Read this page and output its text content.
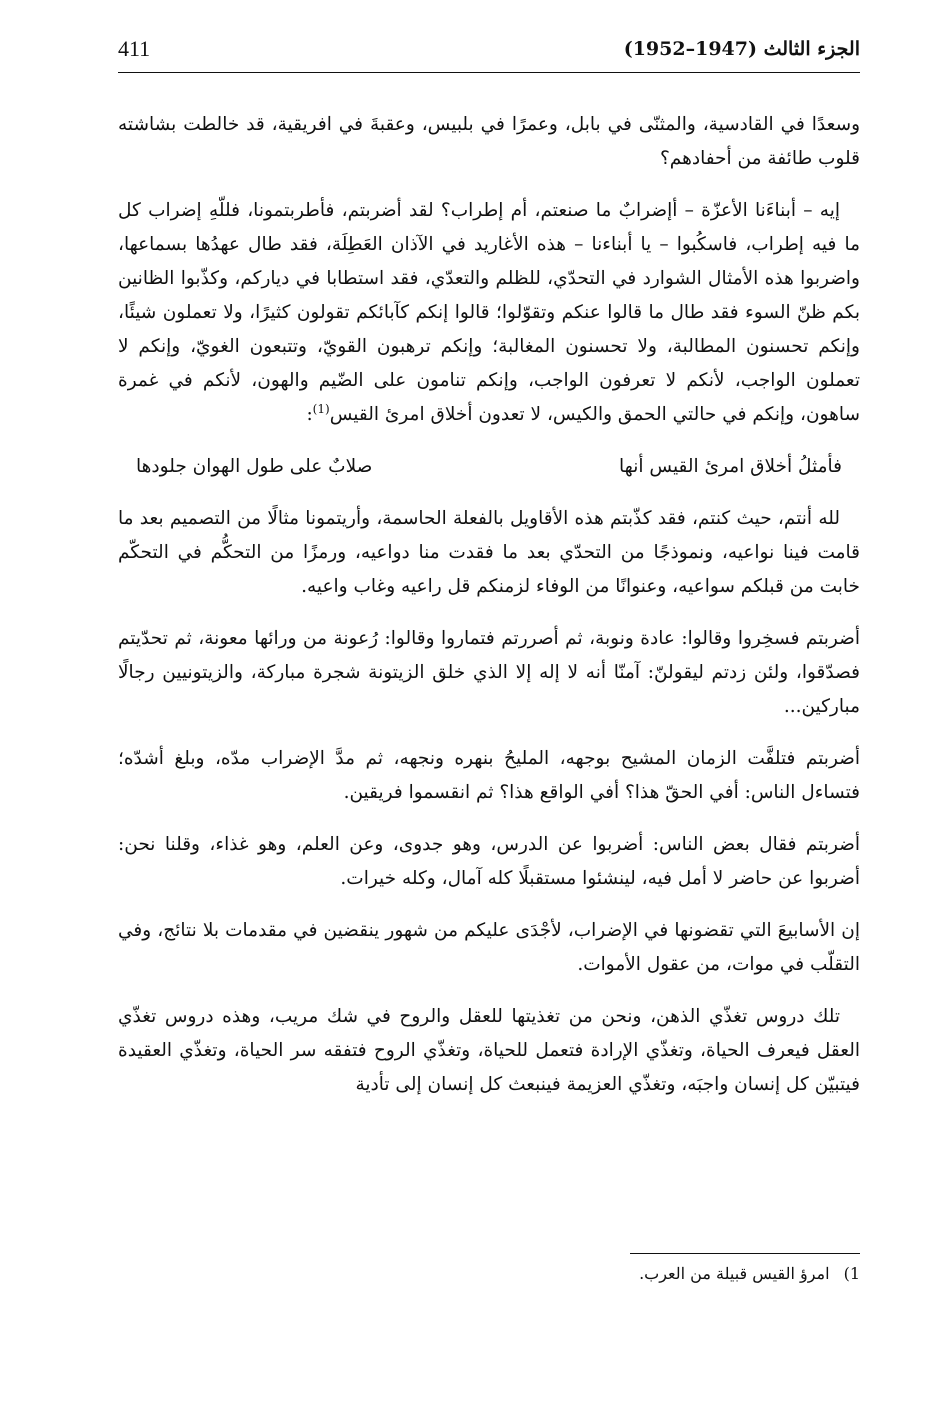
411	الجزء الثالث (1947–1952)

وسعدًا في القادسية، والمثنّى في بابل، وعمرًا في بلبيس، وعقبةَ في افريقية، قد خالطت بشاشته قلوب طائفة من أحفادهم؟

إيه – أبناءَنا الأعزّة – أإضرابٌ ما صنعتم، أم إطراب؟ لقد أضربتم، فأطربتمونا، فللّهِ إضراب كل ما فيه إطراب، فاسكُبوا – يا أبناءنا – هذه الأغاريد في الآذان العَطِلَة، فقد طال عهدُها بسماعها، واضربوا هذه الأمثال الشوارد في التحدّي، للظلم والتعدّي، فقد استطابا في دياركم، وكذّبوا الظانين بكم ظنّ السوء فقد طال ما قالوا عنكم وتقوّلوا؛ قالوا إنكم كآبائكم تقولون كثيرًا، ولا تعملون شيئًا، وإنكم تحسنون المطالبة، ولا تحسنون المغالبة؛ وإنكم ترهبون القويّ، وتتبعون الغويّ، وإنكم لا تعملون الواجب، لأنكم لا تعرفون الواجب، وإنكم تنامون على الضّيم والهون، لأنكم في غمرة ساهون، وإنكم في حالتي الحمق والكيس، لا تعدون أخلاق امرئ القيس$^{(1)}$:

فأمثلُ أخلاق امرئ القيس أنها
صلابٌ على طول الهوان جلودها

لله أنتم، حيث كنتم، فقد كذّبتم هذه الأقاويل بالفعلة الحاسمة، وأريتمونا مثالًا من التصميم بعد ما قامت فينا نواعيه، ونموذجًا من التحدّي بعد ما فقدت منا دواعيه، ورمزًا من التحكُّم في التحكّم خابت من قبلكم سواعيه، وعنوانًا من الوفاء لزمنكم قل راعيه وغاب واعيه.

أضربتم فسخِروا وقالوا: عادة ونوبة، ثم أصررتم فتماروا وقالوا: رُعونة من ورائها معونة، ثم تحدّيتم فصدّقوا، ولئن زدتم ليقولنّ: آمنّا أنه لا إله إلا الذي خلق الزيتونة شجرة مباركة، والزيتونيين رجالًا مباركين...

أضربتم فتلفَّت الزمان المشيح بوجهه، المليحُ بنهره ونجهه، ثم مدَّ الإضراب مدّه، وبلغ أشدّه؛ فتساءل الناس: أفي الحقّ هذا؟ أفي الواقع هذا؟ ثم انقسموا فريقين.

أضربتم فقال بعض الناس: أضربوا عن الدرس، وهو جدوى، وعن العلم، وهو غذاء، وقلنا نحن: أضربوا عن حاضر لا أمل فيه، لينشئوا مستقبلًا كله آمال، وكله خيرات.

إن الأسابيعَ التي تقضونها في الإضراب، لأجْدَى عليكم من شهور ينقضين في مقدمات بلا نتائج، وفي التقلّب في موات، من عقول الأموات.

تلك دروس تغذّي الذهن، ونحن من تغذيتها للعقل والروح في شك مريب، وهذه دروس تغذّي العقل فيعرف الحياة، وتغذّي الإرادة فتعمل للحياة، وتغذّي الروح فتفقه سر الحياة، وتغذّي العقيدة فيتبيّن كل إنسان واجبَه، وتغذّي العزيمة فينبعث كل إنسان إلى تأدية

1)امرؤ القيس قبيلة من العرب.
